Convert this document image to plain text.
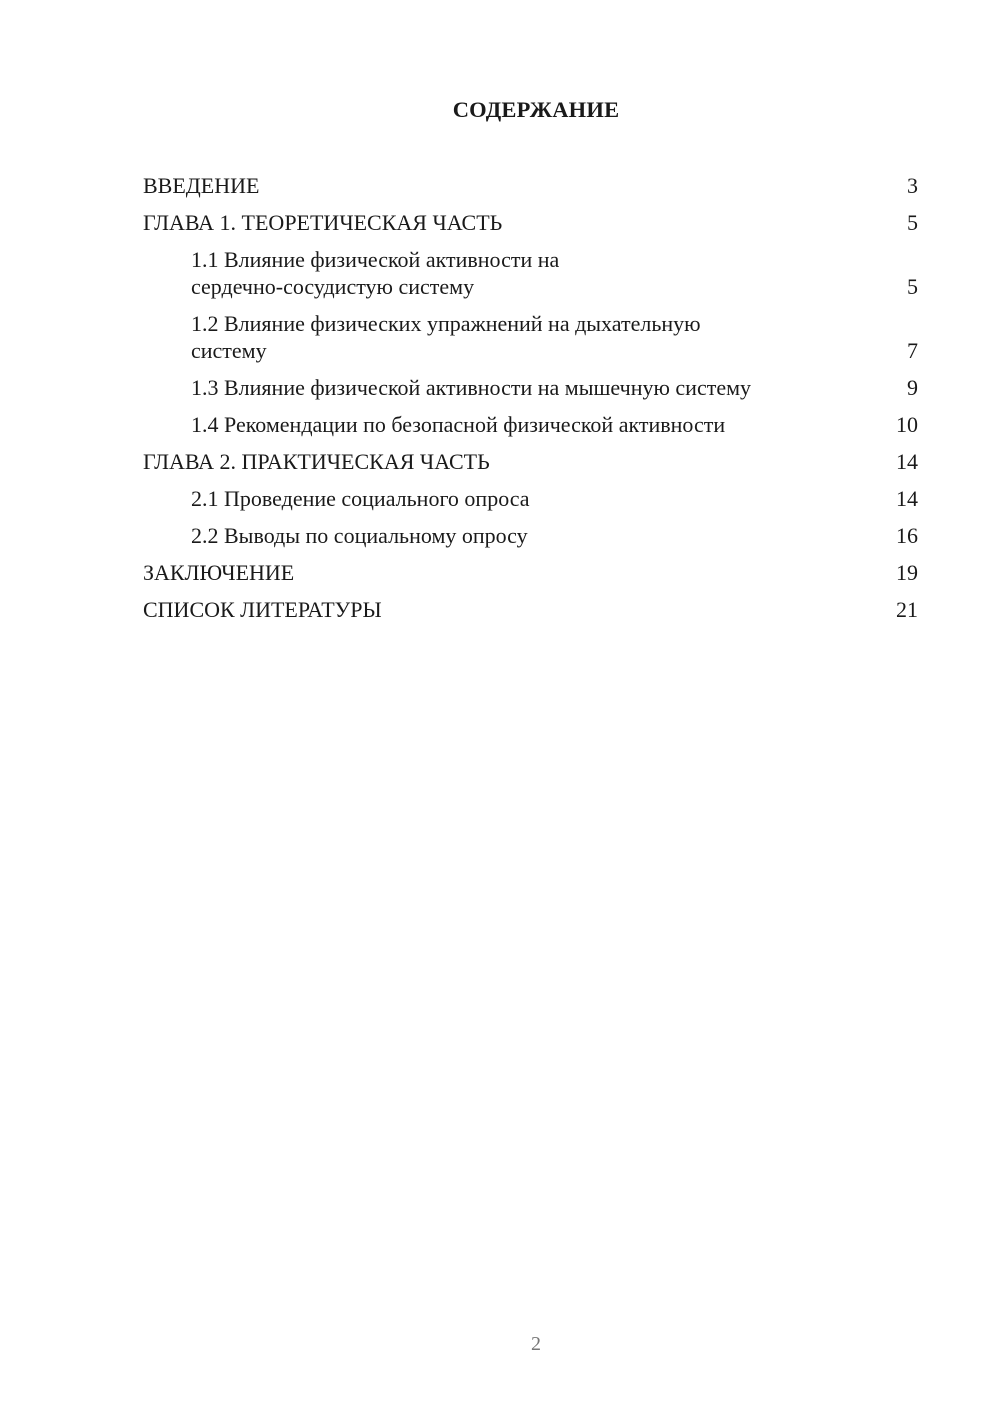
СОДЕРЖАНИЕ
ВВЕДЕНИЕ	3
ГЛАВА 1. ТЕОРЕТИЧЕСКАЯ ЧАСТЬ	5
1.1 Влияние физической активности на
сердечно-сосудистую систему	5
1.2 Влияние физических упражнений на дыхательную
систему	7
1.3 Влияние физической активности на мышечную систему	9
1.4 Рекомендации по безопасной физической активности	10
ГЛАВА 2. ПРАКТИЧЕСКАЯ ЧАСТЬ	14
2.1 Проведение социального опроса	14
2.2 Выводы по социальному опросу	16
ЗАКЛЮЧЕНИЕ	19
СПИСОК ЛИТЕРАТУРЫ	21
2
